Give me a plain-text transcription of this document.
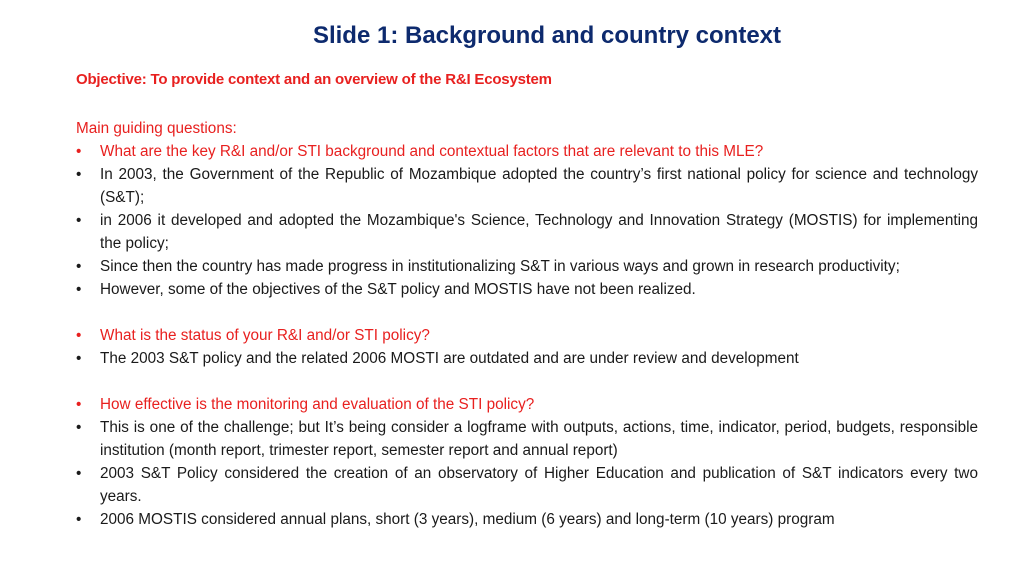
Slide 1: Background and country context
Objective: To provide context and an overview of the R&I Ecosystem
Main guiding questions:
• What are the key R&I and/or STI background and contextual factors that are relevant to this MLE?
• In 2003, the Government of the Republic of Mozambique adopted the country’s first national policy for science and technology (S&T);
• in 2006 it developed and adopted the Mozambique's Science, Technology and Innovation Strategy (MOSTIS) for implementing the policy;
• Since then the country has made progress in institutionalizing S&T in various ways and grown in research productivity;
• However, some of the objectives of the S&T policy and MOSTIS have not been realized.
• What is the status of your R&I and/or STI policy?
• The 2003 S&T policy and the related 2006 MOSTI are outdated and are under review and development
• How effective is the monitoring and evaluation of the STI policy?
• This is one of the challenge; but It’s being consider a logframe with outputs, actions, time, indicator, period, budgets, responsible institution (month report, trimester report, semester report and annual report)
• 2003 S&T Policy considered the creation of an observatory of Higher Education and publication of S&T indicators every two years.
• 2006 MOSTIS considered annual plans, short (3 years), medium (6 years) and long-term (10 years) program
